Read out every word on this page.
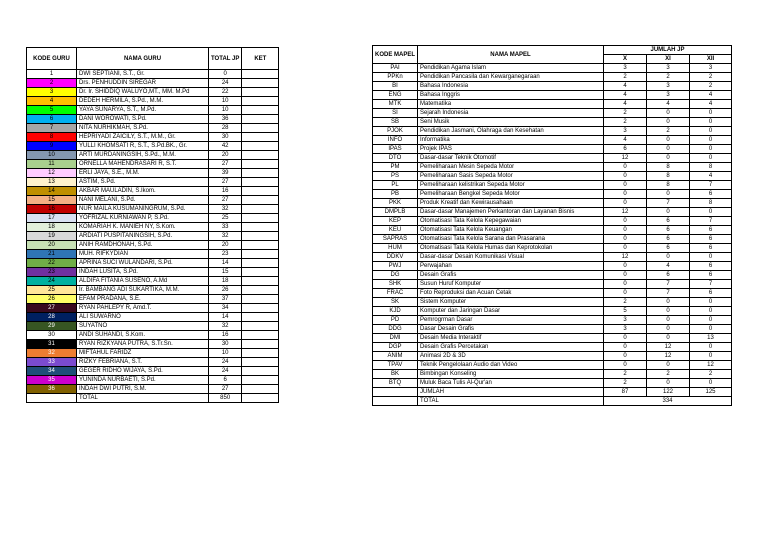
KODE GURU	NAMA GURU	TOTAL JP	KET
1	DWI SEPTIANI, S.T., Gr.	0	
2	Drs. PENHUDDIN SIREGAR	24	
3	Dr. Ir. SHIDDIQ WALUYO,MT., MM. M.Pd	22	
4	DEDEH HERMILA, S.Pd., M.M.	10	
5	YAYA SUNARYA, S.T., M.Pd.	10	
6	DANI WOROWATI, S.Pd.	36	
7	NITA NURHIKMAH, S.Pd.	28	
8	HEPRIYADI ZAICILY, S.T., M.M., Gr.	30	
9	YULLI KHOMSATI R, S.T., S.Pd.BK., Gr.	42	
10	ARTI MURDANINGSIH, S.Pd., M.M.	20	
11	ORNELLA MAHENDRASARI R, S.T.	27	
12	ERLI JAYA, S.E., M.M.	39	
13	ASTIM, S.Pd.	27	
14	AKBAR MAULADIN, S.Ikom.	16	
15	NANI MELANI, S.Pd.	27	
16	NUR MAILA KUSUMANINGRUM, S.Pd.	32	
17	YOFRIZAL KURNIAWAN P, S.Pd.	25	
18	KOMARIAH K. MANIEH NY, S.Kom.	33	
19	ARDIATI PUSPITANINGSIH, S.Pd.	32	
20	ANIH RAMDHONAH, S.Pd.	20	
21	MUH. RIFKYDIAN	23	
22	APRINA SUCI WULANDARI, S.Pd.	14	
23	INDAH LUSITA, S.Pd.	15	
24	ALDIFA FITANIA SUSENO, A.Md	18	
25	Ir. BAMBANG ADI SUKARTIKA, M.M.	26	
26	EFAM PRADANA, S.E.	37	
27	RYAN PAHLEPY R, Amd.T.	34	
28	ALI SUWARNO	14	
29	SUYATNO	32	
30	ANDI SUHANDI, S.Kom.	16	
31	RYAN RIZKYANA PUTRA, S.Tr.Sn.	30	
32	MIFTAHUL FARIDZ	10	
33	RIZKY FEBRIANA, S.T.	24	
34	GEGER RIDHO WIJAYA, S.Pd.	24	
35	YUNINDA NURBAETI, S.Pd.	6	
36	INDAH DWI PUTRI, S.M.	27	
	TOTAL	850	
KODE MAPEL	NAMA MAPEL	JUMLAH JP		
		X	XI	XII
PAI	Pendidikan Agama Islam	3	3	3
PPKn	Pendidikan Pancasila dan Kewarganegaraan	2	2	2
BI	Bahasa Indonesia	4	3	2
ENG	Bahasa Inggris	4	3	4
MTK	Matematika	4	4	4
SI	Sejarah Indonesia	2	0	0
SB	Seni Musik	2	0	0
PJOK	Pendidikan Jasmani, Olahraga dan Kesehatan	3	2	0
INFO	Informatika	4	0	0
IPAS	Projek IPAS	6	0	0
DTO	Dasar-dasar Teknik Otomotif	12	0	0
PM	Pemeliharaan Mesin Sepeda Motor	0	8	8
PS	Pemeliharaan Sasis Sepeda Motor	0	8	4
PL	Pemeliharaan kelistrikan Sepeda Motor	0	8	7
PB	Pemeliharaan Bengkel Sepeda Motor	0	0	6
PKK	Produk Kreatif dan Kewirausahaan	0	7	8
DMPLB	Dasar-dasar Manajemen Perkantoran dan Layanan Bisnis	12	0	0
KEP	Otomatisasi Tata Kelola Kepegawaian	0	6	7
KEU	Otomatisasi Tata Kelola Keuangan	0	6	6
SAPRAS	Otomatisasi Tata Kelola Sarana dan Prasarana	0	6	6
HUM	Otomatisasi Tata Kelola Humas dan Keprotokolan	0	6	6
DDKV	Dasar-dasar Desain Komunikasi Visual	12	0	0
PWJ	Perwajahan	0	4	6
DG	Desain Grafis	0	6	6
SHK	Susun Huruf Komputer	0	7	7
FRAC	Foto Reproduksi dan Acuan Cetak	0	7	6
SK	Sistem Komputer	2	0	0
KJD	Komputer dan Jaringan Dasar	5	0	0
PD	Pemrogrman Dasar	3	0	0
DDG	Dasar Desain Grafis	3	0	0
DMI	Desain Media Interaktif	0	0	13
DGP	Desain Grafis Percetakan	0	12	0
ANIM	Animasi 2D & 3D	0	12	0
TPAV	Teknik Pengelolaan Audio dan Video	0	0	12
BK	Bimbingan Konseling	2	2	2
BTQ	Muluk Baca Tulis Al-Qur'an	2	0	0
	JUMLAH	87	122	125
	TOTAL	334		
